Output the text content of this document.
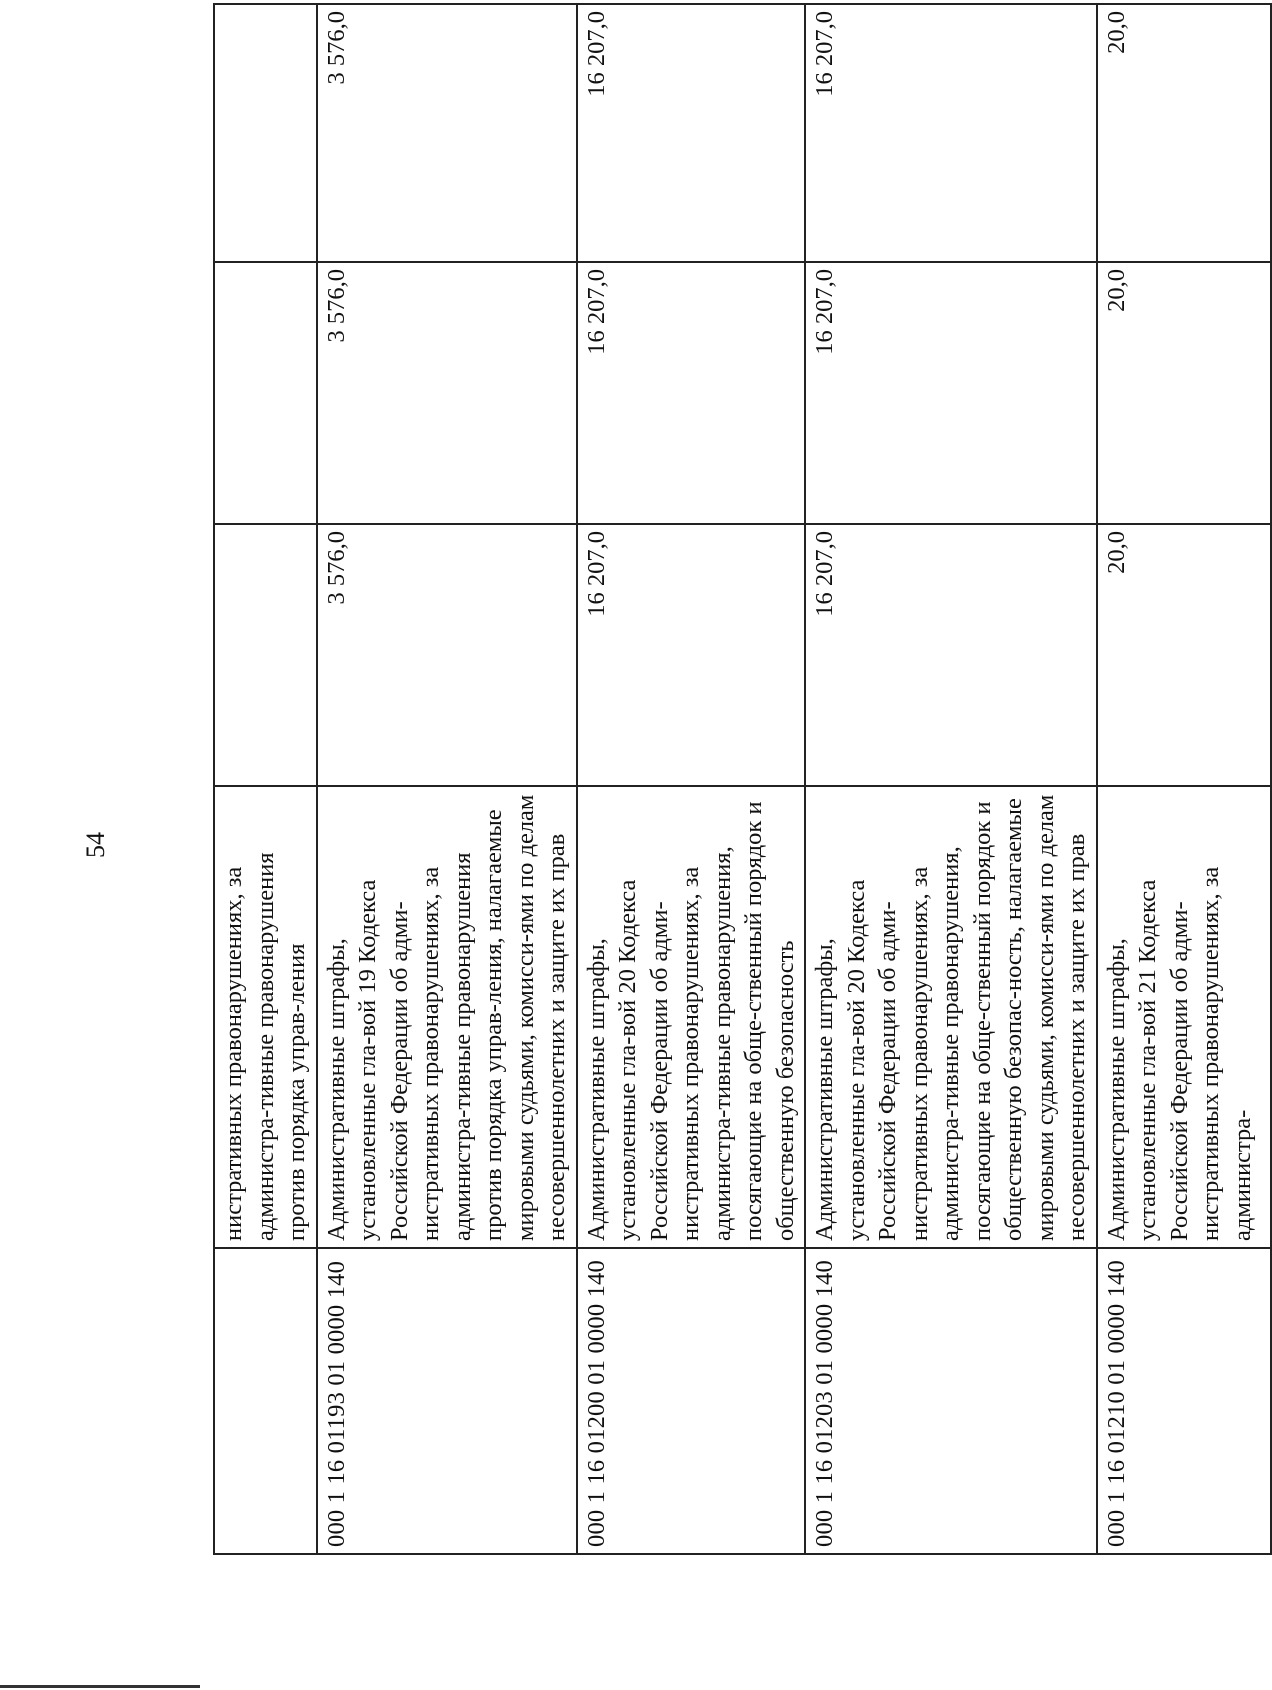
54
	нистративных правонарушениях, за администра-тивные правонарушения против порядка управ-ления			
000 1 16 01193 01 0000 140	Административные штрафы, установленные гла-вой 19 Кодекса Российской Федерации об адми-нистративных правонарушениях, за администра-тивные правонарушения против порядка управ-ления, налагаемые мировыми судьями, комисси-ями по делам несовершеннолетних и защите их прав	3 576,0	3 576,0	3 576,0
000 1 16 01200 01 0000 140	Административные штрафы, установленные гла-вой 20 Кодекса Российской Федерации об адми-нистративных правонарушениях, за администра-тивные правонарушения, посягающие на обще-ственный порядок и общественную безопасность	16 207,0	16 207,0	16 207,0
000 1 16 01203 01 0000 140	Административные штрафы, установленные гла-вой 20 Кодекса Российской Федерации об адми-нистративных правонарушениях, за администра-тивные правонарушения, посягающие на обще-ственный порядок и общественную безопас-ность, налагаемые мировыми судьями, комисси-ями по делам несовершеннолетних и защите их прав	16 207,0	16 207,0	16 207,0
000 1 16 01210 01 0000 140	Административные штрафы, установленные гла-вой 21 Кодекса Российской Федерации об адми-нистративных правонарушениях, за администра-	20,0	20,0	20,0
